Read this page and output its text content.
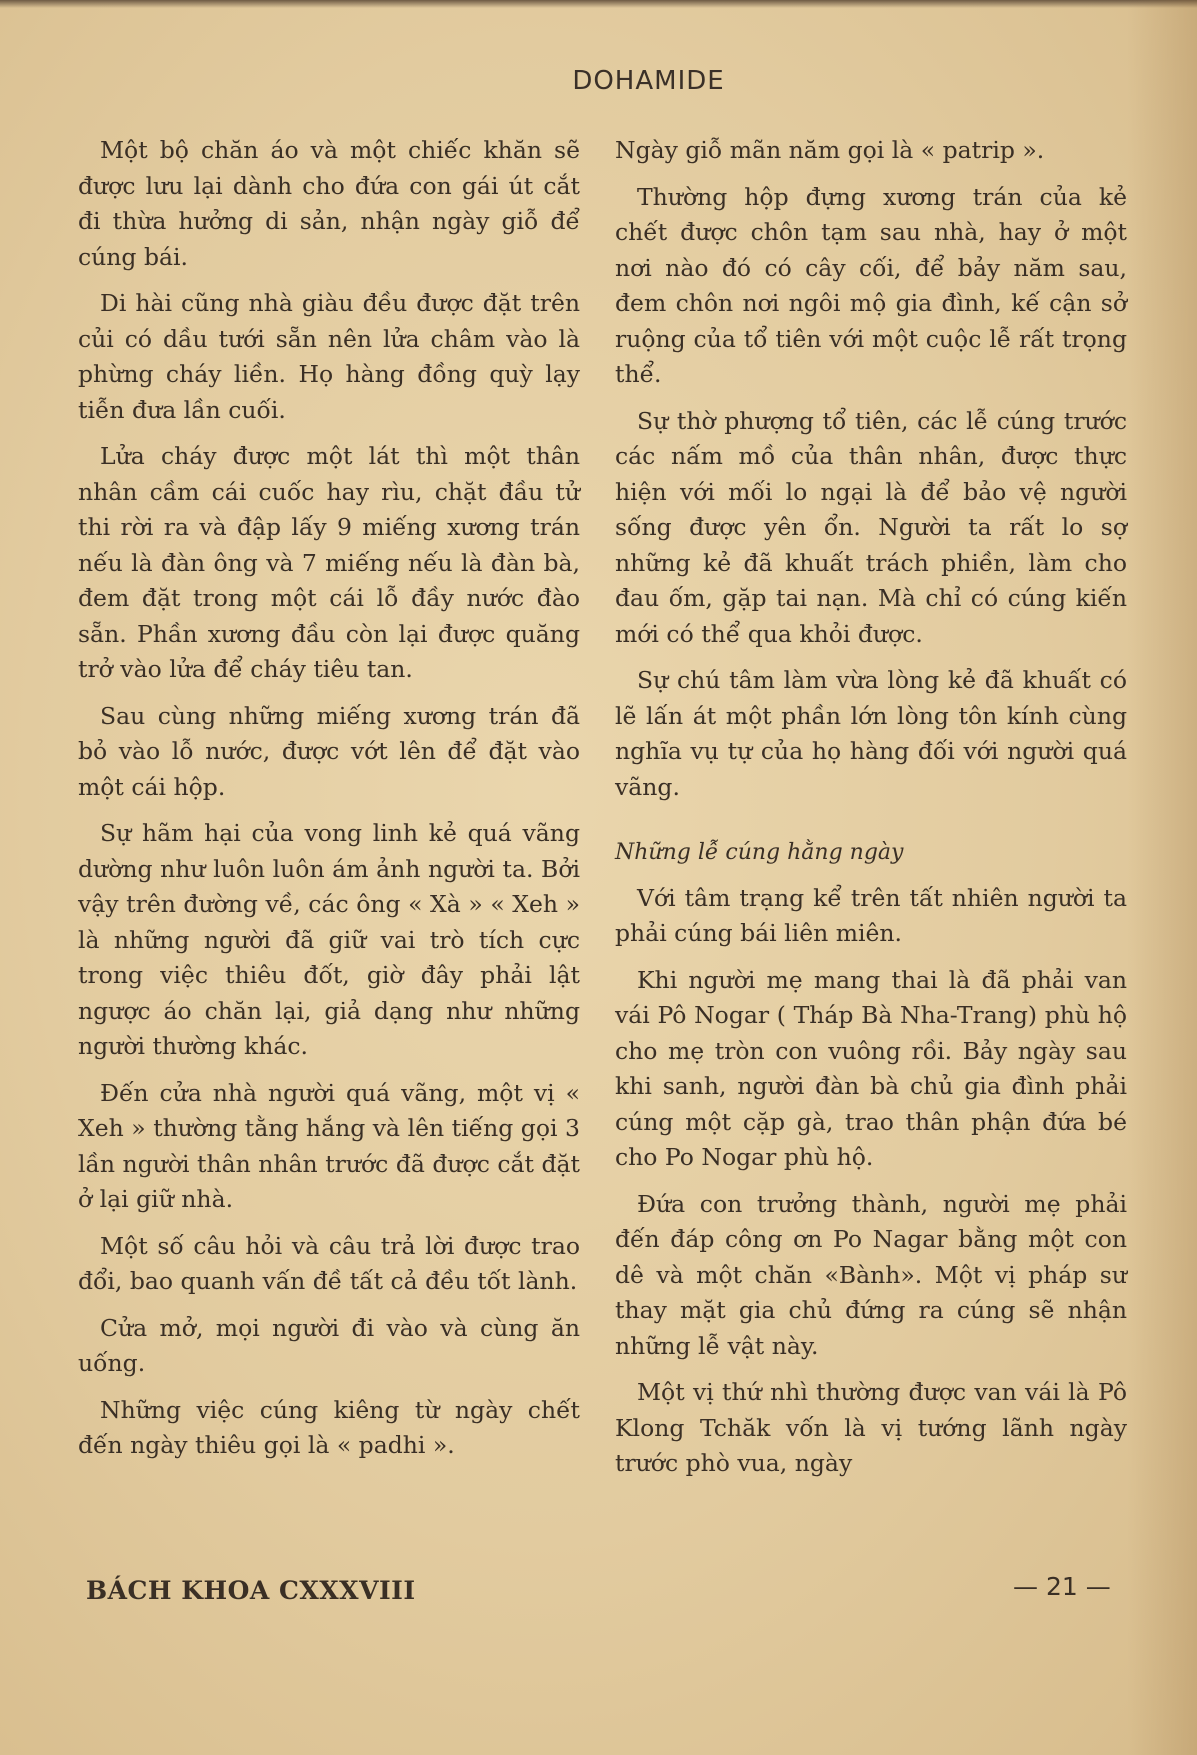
DOHAMIDE

Một bộ chăn áo và một chiếc khăn sẽ được lưu lại dành cho đứa con gái út cắt đi thừa hưởng di sản, nhận ngày giỗ để cúng bái.

Di hài cũng nhà giàu đều được đặt trên củi có dầu tưới sẵn nên lửa châm vào là phừng cháy liền. Họ hàng đồng quỳ lạy tiễn đưa lần cuối.

Lửa cháy được một lát thì một thân nhân cầm cái cuốc hay rìu, chặt đầu tử thi rời ra và đập lấy 9 miếng xương trán nếu là đàn ông và 7 miếng nếu là đàn bà, đem đặt trong một cái lỗ đầy nước đào sẵn. Phần xương đầu còn lại được quăng trở vào lửa để cháy tiêu tan.

Sau cùng những miếng xương trán đã bỏ vào lỗ nước, được vớt lên để đặt vào một cái hộp.

Sự hãm hại của vong linh kẻ quá vãng dường như luôn luôn ám ảnh người ta. Bởi vậy trên đường về, các ông « Xà » « Xeh » là những người đã giữ vai trò tích cực trong việc thiêu đốt, giờ đây phải lật ngược áo chăn lại, giả dạng như những người thường khác.

Đến cửa nhà người quá vãng, một vị « Xeh » thường tằng hắng và lên tiếng gọi 3 lần người thân nhân trước đã được cắt đặt ở lại giữ nhà.

Một số câu hỏi và câu trả lời được trao đổi, bao quanh vấn đề tất cả đều tốt lành.

Cửa mở, mọi người đi vào và cùng ăn uống.

Những việc cúng kiêng từ ngày chết đến ngày thiêu gọi là « padhi ».

Ngày giỗ mãn năm gọi là « patrip ».

Thường hộp đựng xương trán của kẻ chết được chôn tạm sau nhà, hay ở một nơi nào đó có cây cối, để bảy năm sau, đem chôn nơi ngôi mộ gia đình, kế cận sở ruộng của tổ tiên với một cuộc lễ rất trọng thể.

Sự thờ phượng tổ tiên, các lễ cúng trước các nấm mồ của thân nhân, được thực hiện với mối lo ngại là để bảo vệ người sống được yên ổn. Người ta rất lo sợ những kẻ đã khuất trách phiền, làm cho đau ốm, gặp tai nạn. Mà chỉ có cúng kiến mới có thể qua khỏi được.

Sự chú tâm làm vừa lòng kẻ đã khuất có lẽ lấn át một phần lớn lòng tôn kính cùng nghĩa vụ tự của họ hàng đối với người quá vãng.

Những lễ cúng hằng ngày

Với tâm trạng kể trên tất nhiên người ta phải cúng bái liên miên.

Khi người mẹ mang thai là đã phải van vái Pô Nogar ( Tháp Bà Nha-Trang) phù hộ cho mẹ tròn con vuông rồi. Bảy ngày sau khi sanh, người đàn bà chủ gia đình phải cúng một cặp gà, trao thân phận đứa bé cho Po Nogar phù hộ.

Đứa con trưởng thành, người mẹ phải đến đáp công ơn Po Nagar bằng một con dê và một chăn «Bành». Một vị pháp sư thay mặt gia chủ đứng ra cúng sẽ nhận những lễ vật này.

Một vị thứ nhì thường được van vái là Pô Klong Tchăk vốn là vị tướng lãnh ngày trước phò vua, ngày

BÁCH KHOA CXXXVIII	— 21 —
